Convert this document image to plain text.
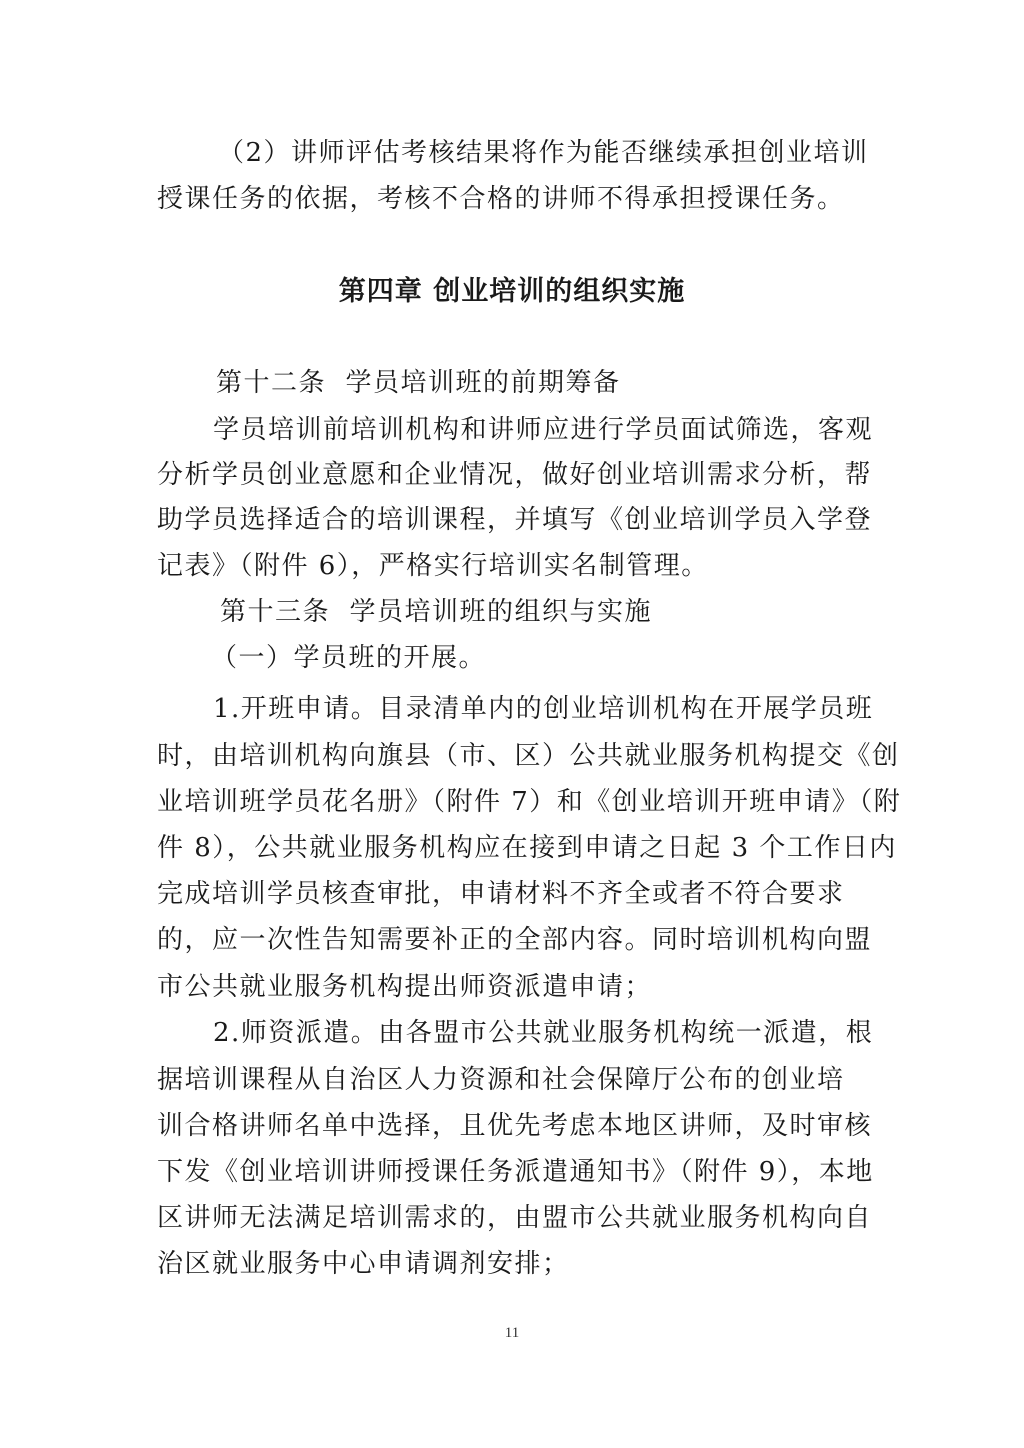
（2）讲师评估考核结果将作为能否继续承担创业培训

授课任务的依据，考核不合格的讲师不得承担授课任务。

第四章 创业培训的组织实施
第十二条  学员培训班的前期筹备

学员培训前培训机构和讲师应进行学员面试筛选，客观

分析学员创业意愿和企业情况，做好创业培训需求分析，帮

助学员选择适合的培训课程，并填写《创业培训学员入学登

记表》（附件 6），严格实行培训实名制管理。

第十三条  学员培训班的组织与实施

（一）学员班的开展。

1.开班申请。目录清单内的创业培训机构在开展学员班

时，由培训机构向旗县（市、区）公共就业服务机构提交《创

业培训班学员花名册》（附件 7）和《创业培训开班申请》（附

件 8），公共就业服务机构应在接到申请之日起 3 个工作日内

完成培训学员核查审批，申请材料不齐全或者不符合要求

的，应一次性告知需要补正的全部内容。同时培训机构向盟

市公共就业服务机构提出师资派遣申请；

2.师资派遣。由各盟市公共就业服务机构统一派遣，根

据培训课程从自治区人力资源和社会保障厅公布的创业培

训合格讲师名单中选择，且优先考虑本地区讲师，及时审核

下发《创业培训讲师授课任务派遣通知书》（附件 9），本地

区讲师无法满足培训需求的，由盟市公共就业服务机构向自

治区就业服务中心申请调剂安排；

11
